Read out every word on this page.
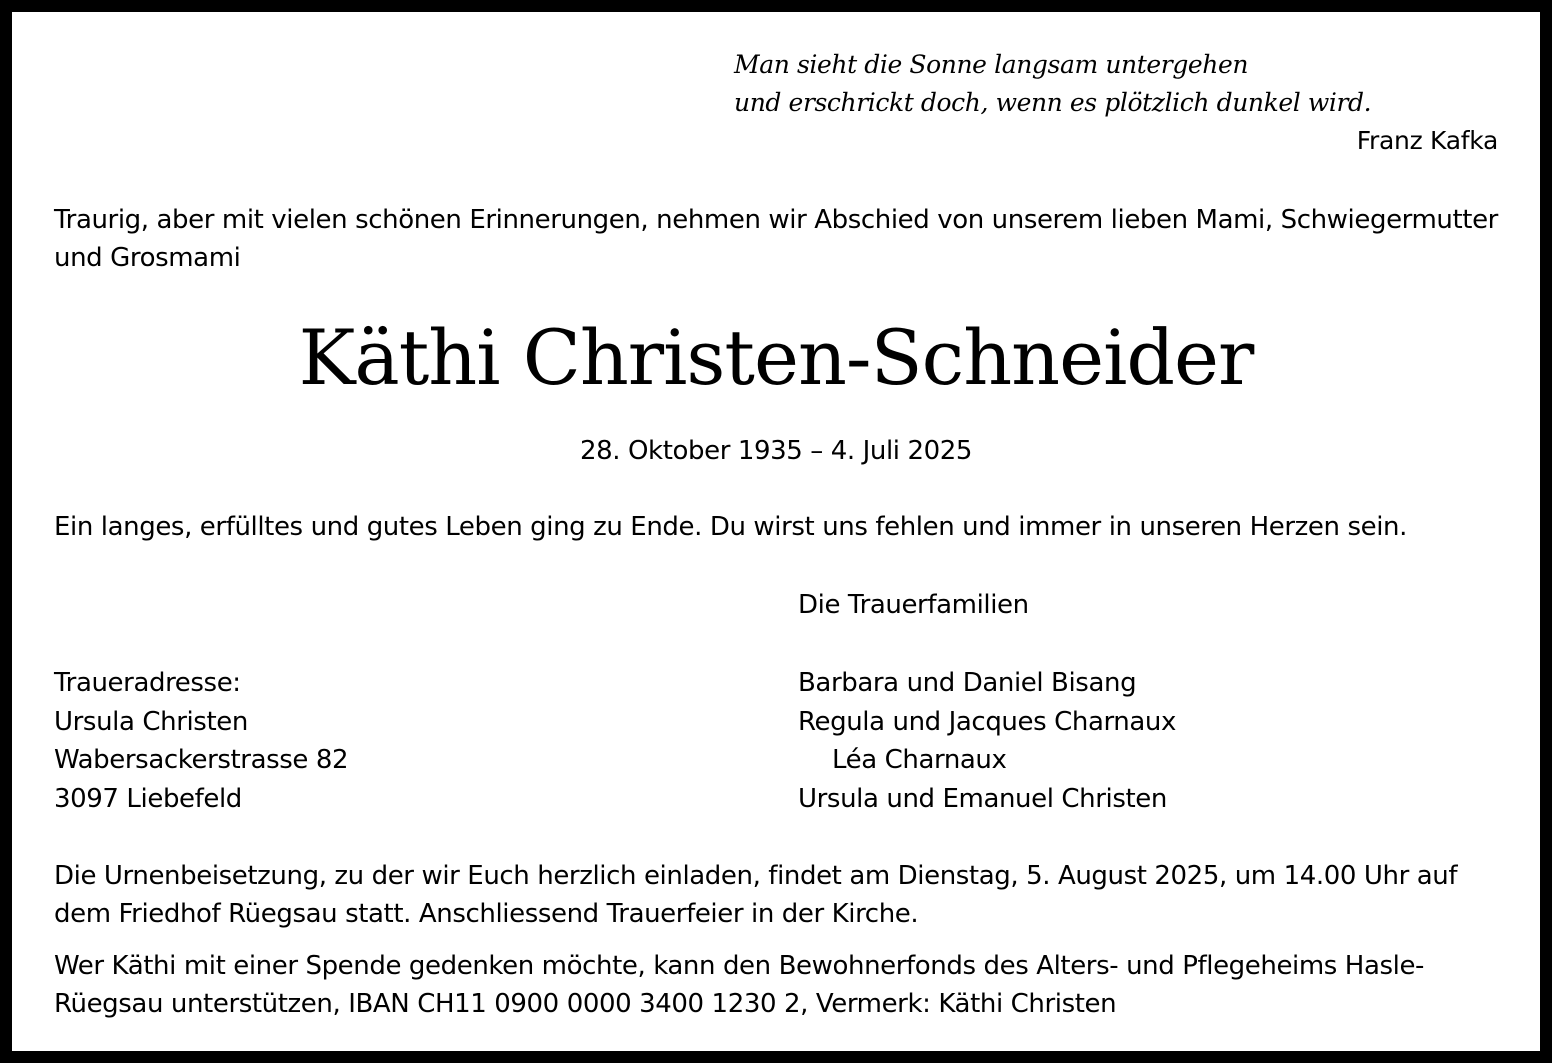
Man sieht die Sonne langsam untergehen
und erschrickt doch, wenn es plötzlich dunkel wird.
Franz Kafka
Traurig, aber mit vielen schönen Erinnerungen, nehmen wir Abschied von unserem lieben Mami, Schwiegermutter
und Grosmami
Käthi Christen-Schneider
28. Oktober 1935 – 4. Juli 2025
Ein langes, erfülltes und gutes Leben ging zu Ende. Du wirst uns fehlen und immer in unseren Herzen sein.
Die Trauerfamilien
Traueradresse:
Ursula Christen
Wabersackerstrasse 82
3097 Liebefeld
Barbara und Daniel Bisang
Regula und Jacques Charnaux
Léa Charnaux
Ursula und Emanuel Christen
Die Urnenbeisetzung, zu der wir Euch herzlich einladen, findet am Dienstag, 5. August 2025, um 14.00 Uhr auf
dem Friedhof Rüegsau statt. Anschliessend Trauerfeier in der Kirche.
Wer Käthi mit einer Spende gedenken möchte, kann den Bewohnerfonds des Alters- und Pflegeheims Hasle-
Rüegsau unterstützen, IBAN CH11 0900 0000 3400 1230 2, Vermerk: Käthi Christen
